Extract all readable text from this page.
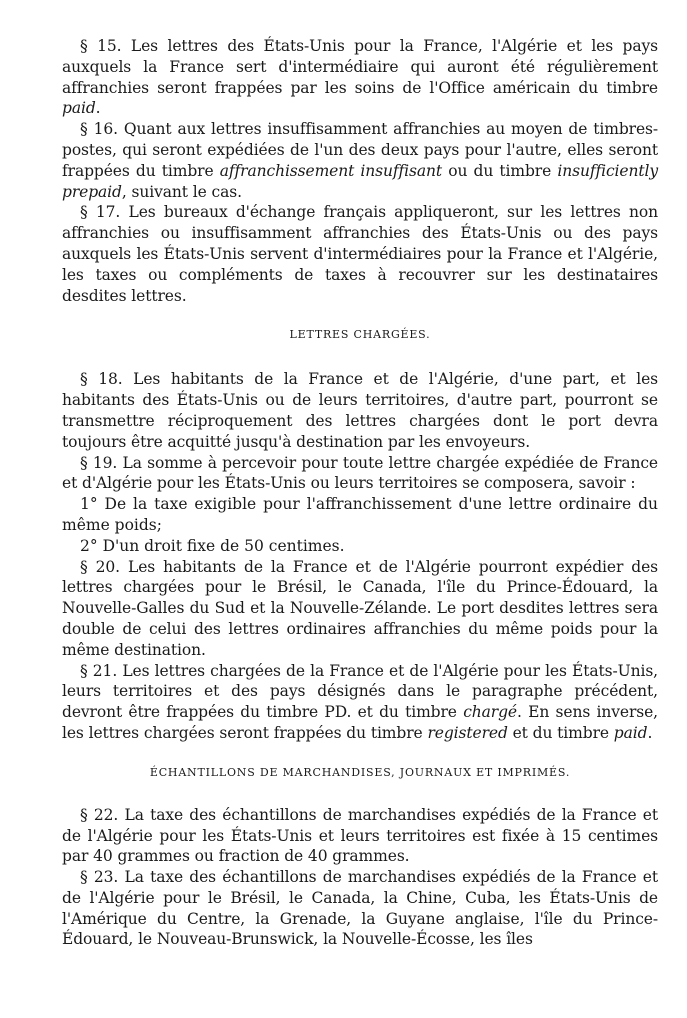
§ 15. Les lettres des États-Unis pour la France, l'Algérie et les pays auxquels la France sert d'intermédiaire qui auront été régulièrement affranchies seront frappées par les soins de l'Office américain du timbre paid.

§ 16. Quant aux lettres insuffisamment affranchies au moyen de timbres-postes, qui seront expédiées de l'un des deux pays pour l'autre, elles seront frappées du timbre affranchissement insuffisant ou du timbre insufficiently prepaid, suivant le cas.

§ 17. Les bureaux d'échange français appliqueront, sur les lettres non affranchies ou insuffisamment affranchies des États-Unis ou des pays auxquels les États-Unis servent d'intermédiaires pour la France et l'Algérie, les taxes ou compléments de taxes à recouvrer sur les destinataires desdites lettres.

LETTRES CHARGÉES.

§ 18. Les habitants de la France et de l'Algérie, d'une part, et les habitants des États-Unis ou de leurs territoires, d'autre part, pourront se transmettre réciproquement des lettres chargées dont le port devra toujours être acquitté jusqu'à destination par les envoyeurs.

§ 19. La somme à percevoir pour toute lettre chargée expédiée de France et d'Algérie pour les États-Unis ou leurs territoires se composera, savoir :

1° De la taxe exigible pour l'affranchissement d'une lettre ordinaire du même poids;

2° D'un droit fixe de 50 centimes.

§ 20. Les habitants de la France et de l'Algérie pourront expédier des lettres chargées pour le Brésil, le Canada, l'île du Prince-Édouard, la Nouvelle-Galles du Sud et la Nouvelle-Zélande. Le port desdites lettres sera double de celui des lettres ordinaires affranchies du même poids pour la même destination.

§ 21. Les lettres chargées de la France et de l'Algérie pour les États-Unis, leurs territoires et des pays désignés dans le paragraphe précédent, devront être frappées du timbre PD. et du timbre chargé. En sens inverse, les lettres chargées seront frappées du timbre registered et du timbre paid.

ÉCHANTILLONS DE MARCHANDISES, JOURNAUX ET IMPRIMÉS.

§ 22. La taxe des échantillons de marchandises expédiés de la France et de l'Algérie pour les États-Unis et leurs territoires est fixée à 15 centimes par 40 grammes ou fraction de 40 grammes.

§ 23. La taxe des échantillons de marchandises expédiés de la France et de l'Algérie pour le Brésil, le Canada, la Chine, Cuba, les États-Unis de l'Amérique du Centre, la Grenade, la Guyane anglaise, l'île du Prince-Édouard, le Nouveau-Brunswick, la Nouvelle-Écosse, les îles
